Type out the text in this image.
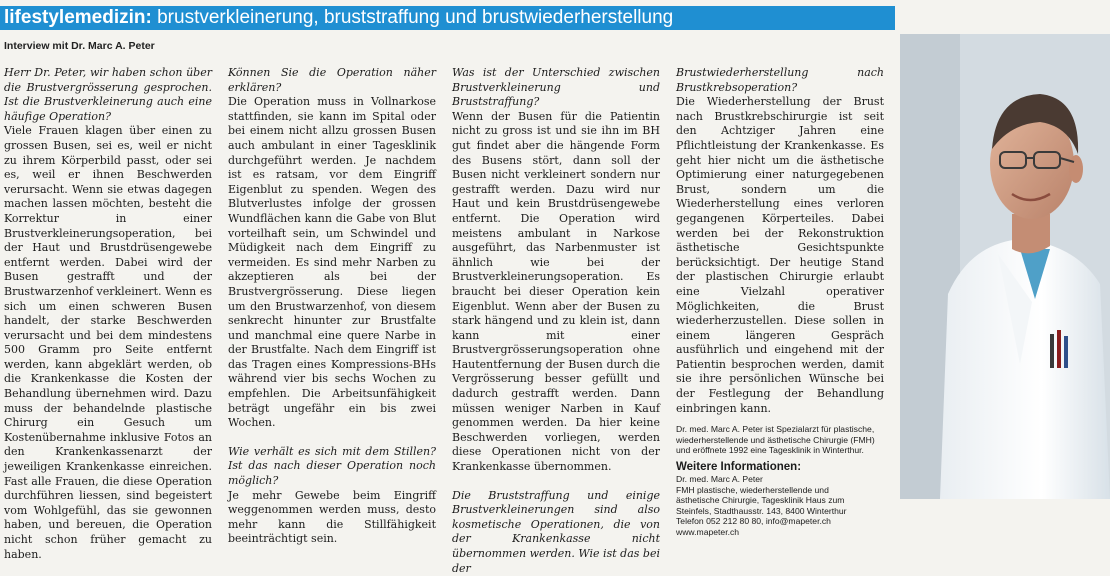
lifestylemedizin: brustverkleinerung, bruststraffung und brustwiederherstellung
Interview mit Dr. Marc A. Peter

Herr Dr. Peter, wir haben schon über die Brustvergrösserung gesprochen. Ist die Brustverkleinerung auch eine häufige Operation?

Viele Frauen klagen über einen zu grossen Busen, sei es, weil er nicht zu ihrem Körperbild passt, oder sei es, weil er ihnen Beschwerden verursacht. Wenn sie etwas dagegen machen lassen möchten, besteht die Korrektur in einer Brustverkleinerungsoperation, bei der Haut und Brustdrüsengewebe entfernt werden. Dabei wird der Busen gestrafft und der Brustwarzenhof verkleinert. Wenn es sich um einen schweren Busen handelt, der starke Beschwerden verursacht und bei dem mindestens 500 Gramm pro Seite entfernt werden, kann abgeklärt werden, ob die Krankenkasse die Kosten der Behandlung übernehmen wird. Dazu muss der behandelnde plastische Chirurg ein Gesuch um Kostenübernahme inklusive Fotos an den Krankenkassenarzt der jeweiligen Krankenkasse einreichen. Fast alle Frauen, die diese Operation durchführen liessen, sind begeistert vom Wohlgefühl, das sie gewonnen haben, und bereuen, die Operation nicht schon früher gemacht zu haben.

Können Sie die Operation näher erklären?

Die Operation muss in Vollnarkose stattfinden, sie kann im Spital oder bei einem nicht allzu grossen Busen auch ambulant in einer Tagesklinik durchgeführt werden. Je nachdem ist es ratsam, vor dem Eingriff Eigenblut zu spenden. Wegen des Blutverlustes infolge der grossen Wundflächen kann die Gabe von Blut vorteilhaft sein, um Schwindel und Müdigkeit nach dem Eingriff zu vermeiden. Es sind mehr Narben zu akzeptieren als bei der Brustvergrösserung. Diese liegen um den Brustwarzenhof, von diesem senkrecht hinunter zur Brustfalte und manchmal eine quere Narbe in der Brustfalte. Nach dem Eingriff ist das Tragen eines Kompressions-BHs während vier bis sechs Wochen zu empfehlen. Die Arbeitsunfähigkeit beträgt ungefähr ein bis zwei Wochen.

Wie verhält es sich mit dem Stillen? Ist das nach dieser Operation noch möglich?

Je mehr Gewebe beim Eingriff weggenommen werden muss, desto mehr kann die Stillfähigkeit beeinträchtigt sein.

Was ist der Unterschied zwischen Brustverkleinerung und Bruststraffung?

Wenn der Busen für die Patientin nicht zu gross ist und sie ihn im BH gut findet aber die hängende Form des Busens stört, dann soll der Busen nicht verkleinert sondern nur gestrafft werden. Dazu wird nur Haut und kein Brustdrüsengewebe entfernt. Die Operation wird meistens ambulant in Narkose ausgeführt, das Narbenmuster ist ähnlich wie bei der Brustverkleinerungsoperation. Es braucht bei dieser Operation kein Eigenblut. Wenn aber der Busen zu stark hängend und zu klein ist, dann kann mit einer Brustvergrösserungsoperation ohne Hautentfernung der Busen durch die Vergrösserung besser gefüllt und dadurch gestrafft werden. Dann müssen weniger Narben in Kauf genommen werden. Da hier keine Beschwerden vorliegen, werden diese Operationen nicht von der Krankenkasse übernommen.

Die Bruststraffung und einige Brustverkleinerungen sind also kosmetische Operationen, die von der Krankenkasse nicht übernommen werden. Wie ist das bei der

Brustwiederherstellung nach Brustkrebsoperation?

Die Wiederherstellung der Brust nach Brustkrebschirurgie ist seit den Achtziger Jahren eine Pflichtleistung der Krankenkasse. Es geht hier nicht um die ästhetische Optimierung einer naturgegebenen Brust, sondern um die Wiederherstellung eines verloren gegangenen Körperteiles. Dabei werden bei der Rekonstruktion ästhetische Gesichtspunkte berücksichtigt. Der heutige Stand der plastischen Chirurgie erlaubt eine Vielzahl operativer Möglichkeiten, die Brust wiederherzustellen. Diese sollen in einem längeren Gespräch ausführlich und eingehend mit der Patientin besprochen werden, damit sie ihre persönlichen Wünsche bei der Festlegung der Behandlung einbringen kann.

Dr. med. Marc A. Peter ist Spezialarzt für plastische, wiederherstellende und ästhetische Chirurgie (FMH) und eröffnete 1992 eine Tagesklinik in Winterthur.

Weitere Informationen:
Dr. med. Marc A. Peter
FMH plastische, wiederherstellende und
ästhetische Chirurgie, Tagesklinik Haus zum
Steinfels, Stadthausstr. 143, 8400 Winterthur
Telefon 052 212 80 80, info@mapeter.ch
www.mapeter.ch
